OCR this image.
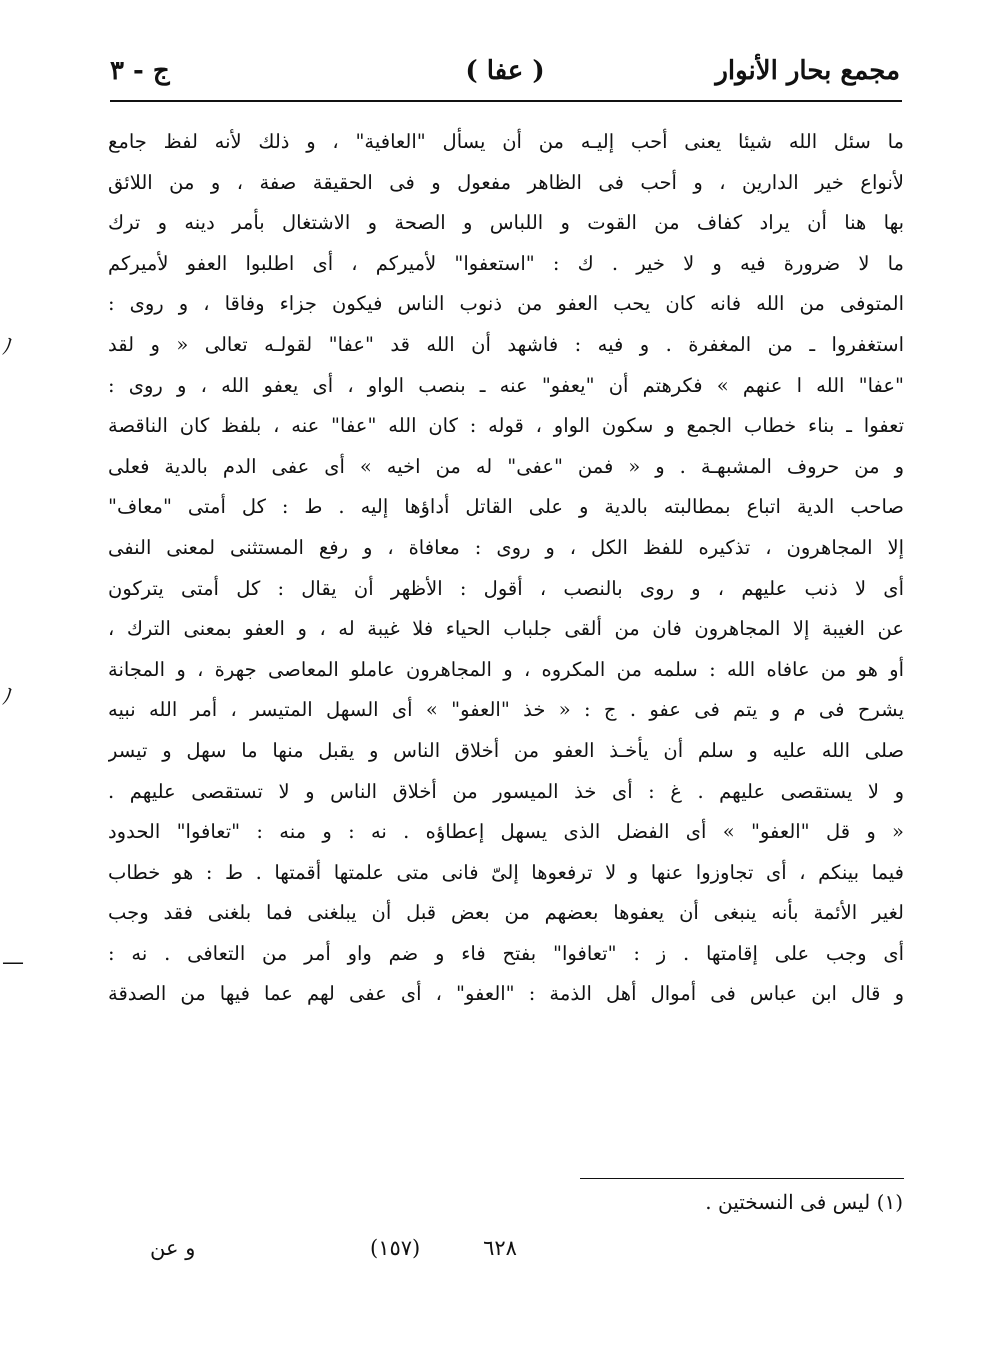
مجمع بحار الأنوار
( عفا )
ج - ٣
ما سئل الله شيئا يعنى أحب إليـه من أن يسأل "العافية" ، و ذلك لأنه لفظ جامع
لأنواع خير الدارين ، و أحب فى الظاهر مفعول و فى الحقيقة صفة ، و من اللائق
بها هنا أن يراد كفاف من القوت و اللباس و الصحة و الاشتغال بأمر دينه و ترك
ما لا ضرورة فيه و لا خير . ك : "استعفوا" لأميركم ، أى اطلبوا العفو لأميركم
المتوفى من الله فانه كان يحب العفو من ذنوب الناس فيكون جزاء وفاقا ، و روى :
استغفروا ـ من المغفرة . و فيه : فاشهد أن الله قد "عفا" لقولـه تعالى « و لقد
"عفا" الله ا عنهم » فكرهتم أن "يعفو" عنه ـ بنصب الواو ، أى يعفو الله ، و روى :
تعفوا ـ بناء خطاب الجمع و سكون الواو ، قوله : كان الله "عفا" عنه ، بلفظ كان الناقصة
و من حروف المشبهـة . و « فمن "عفى" له من اخيه » أى عفى الدم بالدية فعلى
صاحب الدية اتباع بمطالبته بالدية و على القاتل أداؤها إليه . ط : كل أمتى "معاف"
إلا المجاهرون ، تذكيره للفظ الكل ، و روى : معافاة ، و رفع المستثنى لمعنى النفى
أى لا ذنب عليهم ، و روى بالنصب ، أقول : الأظهر أن يقال : كل أمتى يتركون
عن الغيبة إلا المجاهرون فان من ألقى جلباب الحياء فلا غيبة له ، و العفو بمعنى الترك ،
أو هو من عافاه الله : سلمه من المكروه ، و المجاهرون عاملو المعاصى جهرة ، و المجانة
يشرح فى م و يتم فى عفو . ج : « خذ "العفو" » أى السهل المتيسر ، أمر الله نبيه
صلى الله عليه و سلم أن يأخـذ العفو من أخلاق الناس و يقبل منها ما سهل و تيسر
و لا يستقصى عليهم . غ : أى خذ الميسور من أخلاق الناس و لا تستقصى عليهم .
« و قل "العفو" » أى الفضل الذى يسهل إعطاؤه . نه : و منه : "تعافوا" الحدود
فيما بينكم ، أى تجاوزوا عنها و لا ترفعوها إلىّ فانى متى علمتها أقمتها . ط : هو خطاب
لغير الأئمة بأنه ينبغى أن يعفوها بعضهم من بعض قبل أن يبلغنى فما بلغنى فقد وجب
أى وجب على إقامتها . ز : "تعافوا" بفتح فاء و ضم واو أمر من التعافى . نه :
و قال ابن عباس فى أموال أهل الذمة : "العفو" ، أى عفى لهم عما فيها من الصدقة
(١) ليس فى النسختين .
٦٢٨
(١٥٧)
و عن
ﾉ
ﾉ
—
